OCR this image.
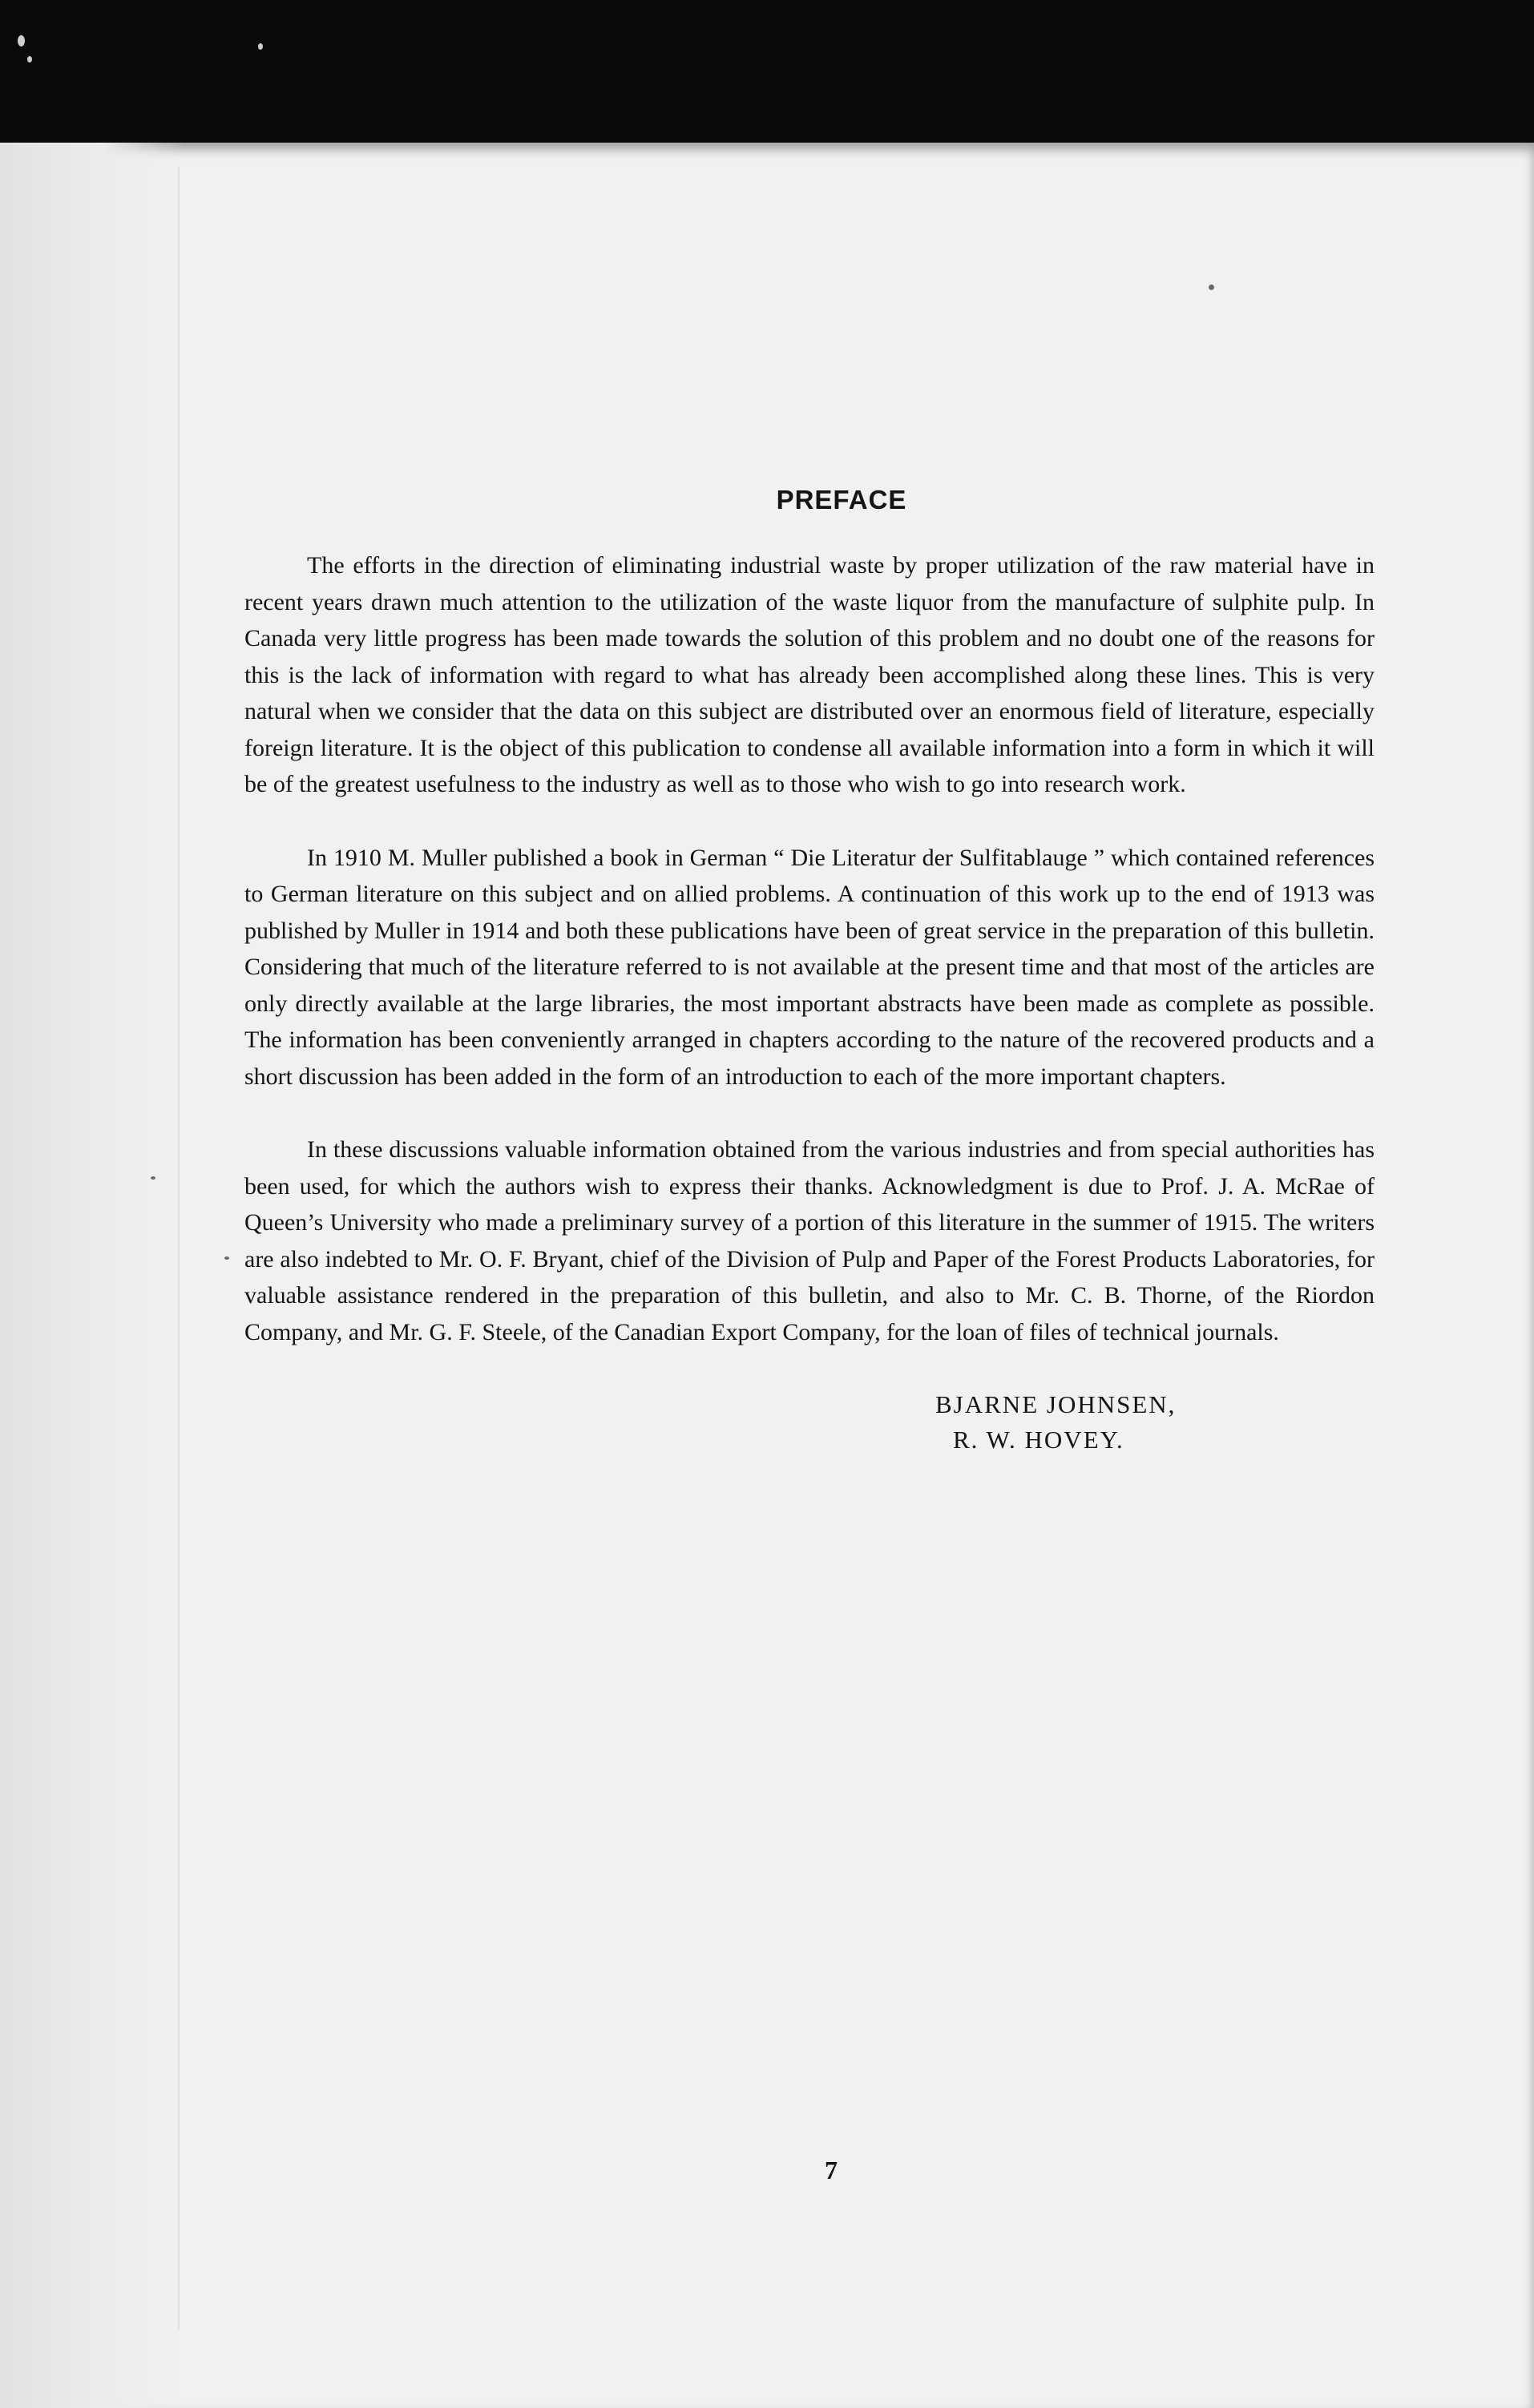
PREFACE

The efforts in the direction of eliminating industrial waste by proper utilization of the raw material have in recent years drawn much attention to the utilization of the waste liquor from the manufacture of sulphite pulp. In Canada very little progress has been made towards the solution of this problem and no doubt one of the reasons for this is the lack of information with regard to what has already been accomplished along these lines. This is very natural when we consider that the data on this subject are distributed over an enormous field of literature, especially foreign literature. It is the object of this publication to condense all available information into a form in which it will be of the greatest usefulness to the industry as well as to those who wish to go into research work.

In 1910 M. Muller published a book in German “ Die Literatur der Sulfitablauge ” which contained references to German literature on this subject and on allied problems. A continuation of this work up to the end of 1913 was published by Muller in 1914 and both these publications have been of great service in the preparation of this bulletin. Considering that much of the literature referred to is not available at the present time and that most of the articles are only directly available at the large libraries, the most important abstracts have been made as complete as possible. The information has been conveniently arranged in chapters according to the nature of the recovered products and a short discussion has been added in the form of an introduction to each of the more important chapters.

In these discussions valuable information obtained from the various industries and from special authorities has been used, for which the authors wish to express their thanks. Acknowledgment is due to Prof. J. A. McRae of Queen’s University who made a preliminary survey of a portion of this literature in the summer of 1915. The writers are also indebted to Mr. O. F. Bryant, chief of the Division of Pulp and Paper of the Forest Products Laboratories, for valuable assistance rendered in the preparation of this bulletin, and also to Mr. C. B. Thorne, of the Riordon Company, and Mr. G. F. Steele, of the Canadian Export Company, for the loan of files of technical journals.

BJARNE JOHNSEN,
R. W. HOVEY.
7
